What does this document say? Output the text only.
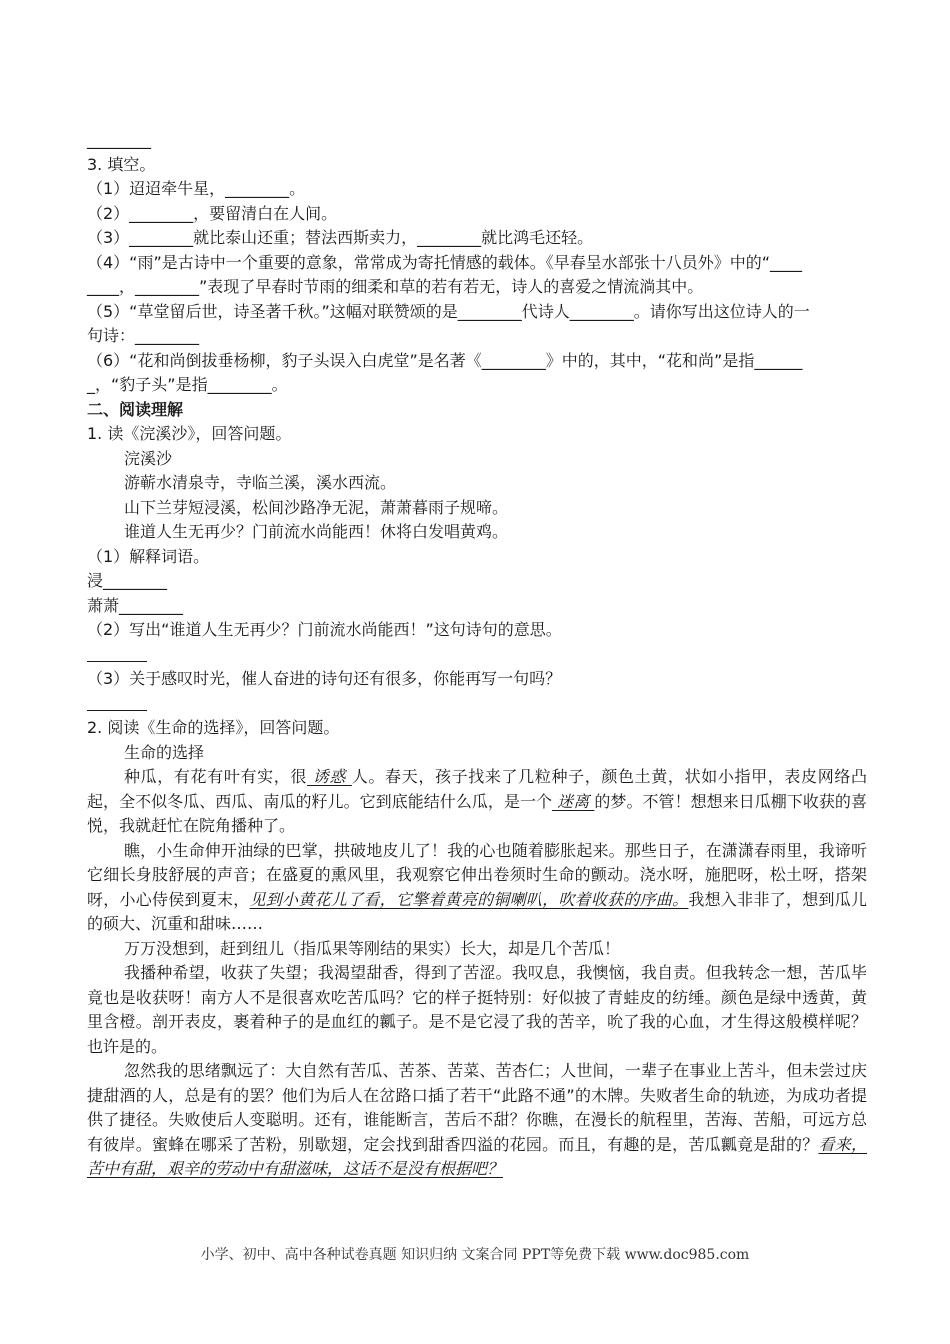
________
3. 填空。
（1）迢迢牵牛星，________。
（2）________，要留清白在人间。
（3）________就比泰山还重；替法西斯卖力，________就比鸿毛还轻。
（4）“雨”是古诗中一个重要的意象，常常成为寄托情感的载体。《早春呈水部张十八员外》中的“____
____，________”表现了早春时节雨的细柔和草的若有若无，诗人的喜爱之情流淌其中。
（5）“草堂留后世，诗圣著千秋。”这幅对联赞颂的是________代诗人________。请你写出这位诗人的一
句诗：________
（6）“花和尚倒拔垂杨柳，豹子头误入白虎堂”是名著《________》中的，其中，“花和尚”是指______
_，“豹子头”是指________。
二、阅读理解
1. 读《浣溪沙》，回答问题。
浣溪沙
游蕲水清泉寺，寺临兰溪，溪水西流。
山下兰芽短浸溪，松间沙路净无泥，萧萧暮雨子规啼。
谁道人生无再少？门前流水尚能西！休将白发唱黄鸡。
（1）解释词语。
浸________
萧萧________
（2）写出“谁道人生无再少？门前流水尚能西！”这句诗句的意思。
（3）关于感叹时光，催人奋进的诗句还有很多，你能再写一句吗？
2. 阅读《生命的选择》，回答问题。
生命的选择
种瓜，有花有叶有实，很 诱惑 人。春天，孩子找来了几粒种子，颜色土黄，状如小指甲，表皮网络凸起，全不似冬瓜、西瓜、南瓜的籽儿。它到底能结什么瓜，是一个 迷离 的梦。不管！想想来日瓜棚下收获的喜悦，我就赶忙在院角播种了。
瞧，小生命伸开油绿的巴掌，拱破地皮儿了！我的心也随着膨胀起来。那些日子，在潇潇春雨里，我谛听它细长身肢舒展的声音；在盛夏的熏风里，我观察它伸出卷须时生命的颤动。浇水呀，施肥呀，松土呀，搭架呀，小心侍侯到夏末，见到小黄花儿了看，它擎着黄亮的铜喇叭，吹着收获的序曲。我想入非非了，想到瓜儿的硕大、沉重和甜味……
万万没想到，赶到纽儿（指瓜果等刚结的果实）长大，却是几个苦瓜！
我播种希望，收获了失望；我渴望甜香，得到了苦涩。我叹息，我懊恼，我自责。但我转念一想，苦瓜毕竟也是收获呀！南方人不是很喜欢吃苦瓜吗？它的样子挺特别：好似披了青蛙皮的纺缍。颜色是绿中透黄，黄里含橙。剖开表皮，裹着种子的是血红的瓤子。是不是它浸了我的苦辛，吮了我的心血，才生得这般模样呢？也许是的。
忽然我的思绪飘远了：大自然有苦瓜、苦茶、苦菜、苦杏仁；人世间，一辈子在事业上苦斗，但未尝过庆捷甜酒的人，总是有的罢？他们为后人在岔路口插了若干“此路不通”的木牌。失败者生命的轨迹，为成功者提供了捷径。失败使后人变聪明。还有，谁能断言，苦后不甜？你瞧，在漫长的航程里，苦海、苦船，可远方总有彼岸。蜜蜂在哪采了苦粉，别歇翅，定会找到甜香四溢的花园。而且，有趣的是，苦瓜瓤竟是甜的？看来，苦中有甜，艰辛的劳动中有甜滋味，这话不是没有根据吧？
小学、初中、高中各种试卷真题 知识归纳 文案合同 PPT等免费下载 www.doc985.com
